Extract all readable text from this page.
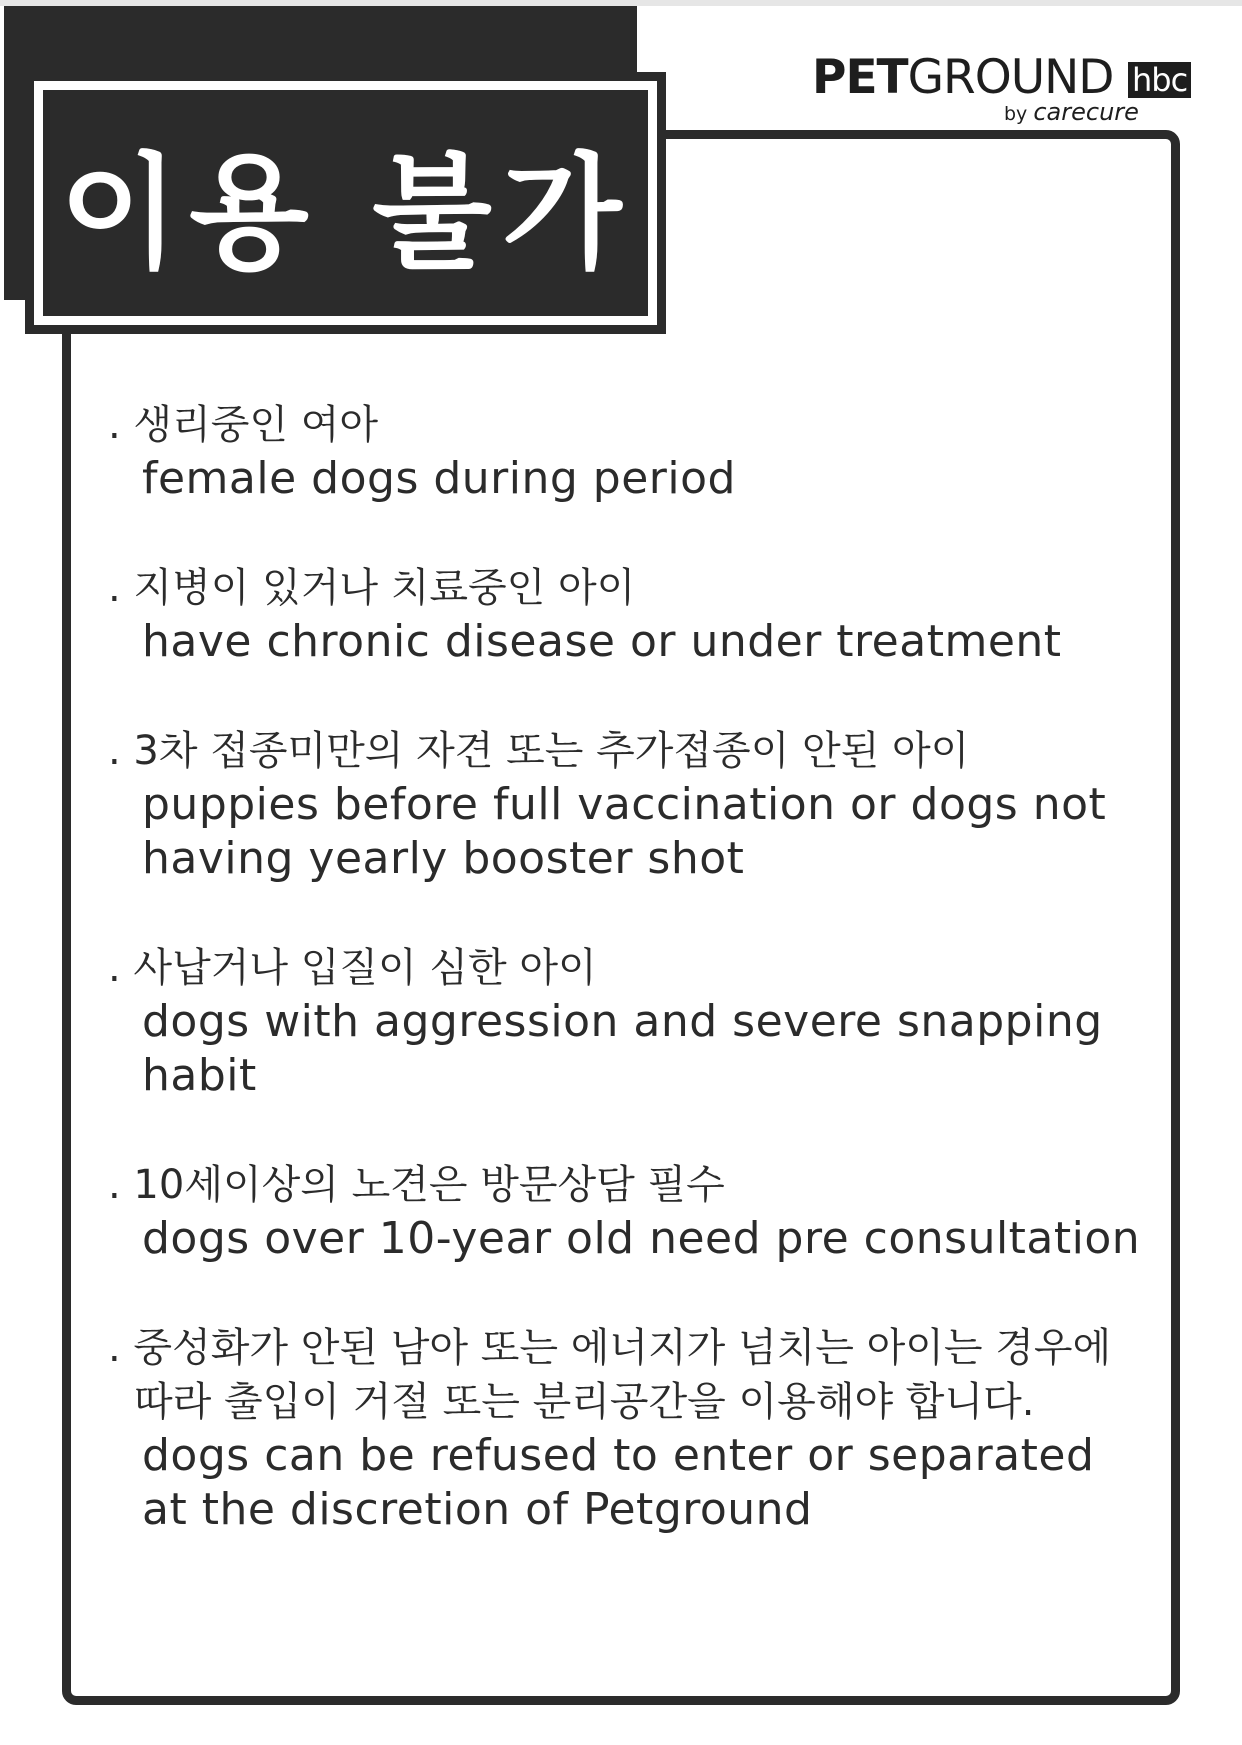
이용 불가
PETGROUND hbc
by carecure
. 생리중인 여아
female dogs during period
. 지병이 있거나 치료중인 아이
have chronic disease or under treatment
. 3차 접종미만의 자견 또는 추가접종이 안된 아이
puppies before full vaccination or dogs not having yearly booster shot
. 사납거나 입질이 심한 아이
dogs with aggression and severe snapping habit
. 10세이상의 노견은 방문상담 필수
dogs over 10-year old need pre consultation
. 중성화가 안된 남아 또는 에너지가 넘치는 아이는 경우에 따라 출입이 거절 또는 분리공간을 이용해야 합니다.
dogs can be refused to enter or separated at the discretion of Petground
